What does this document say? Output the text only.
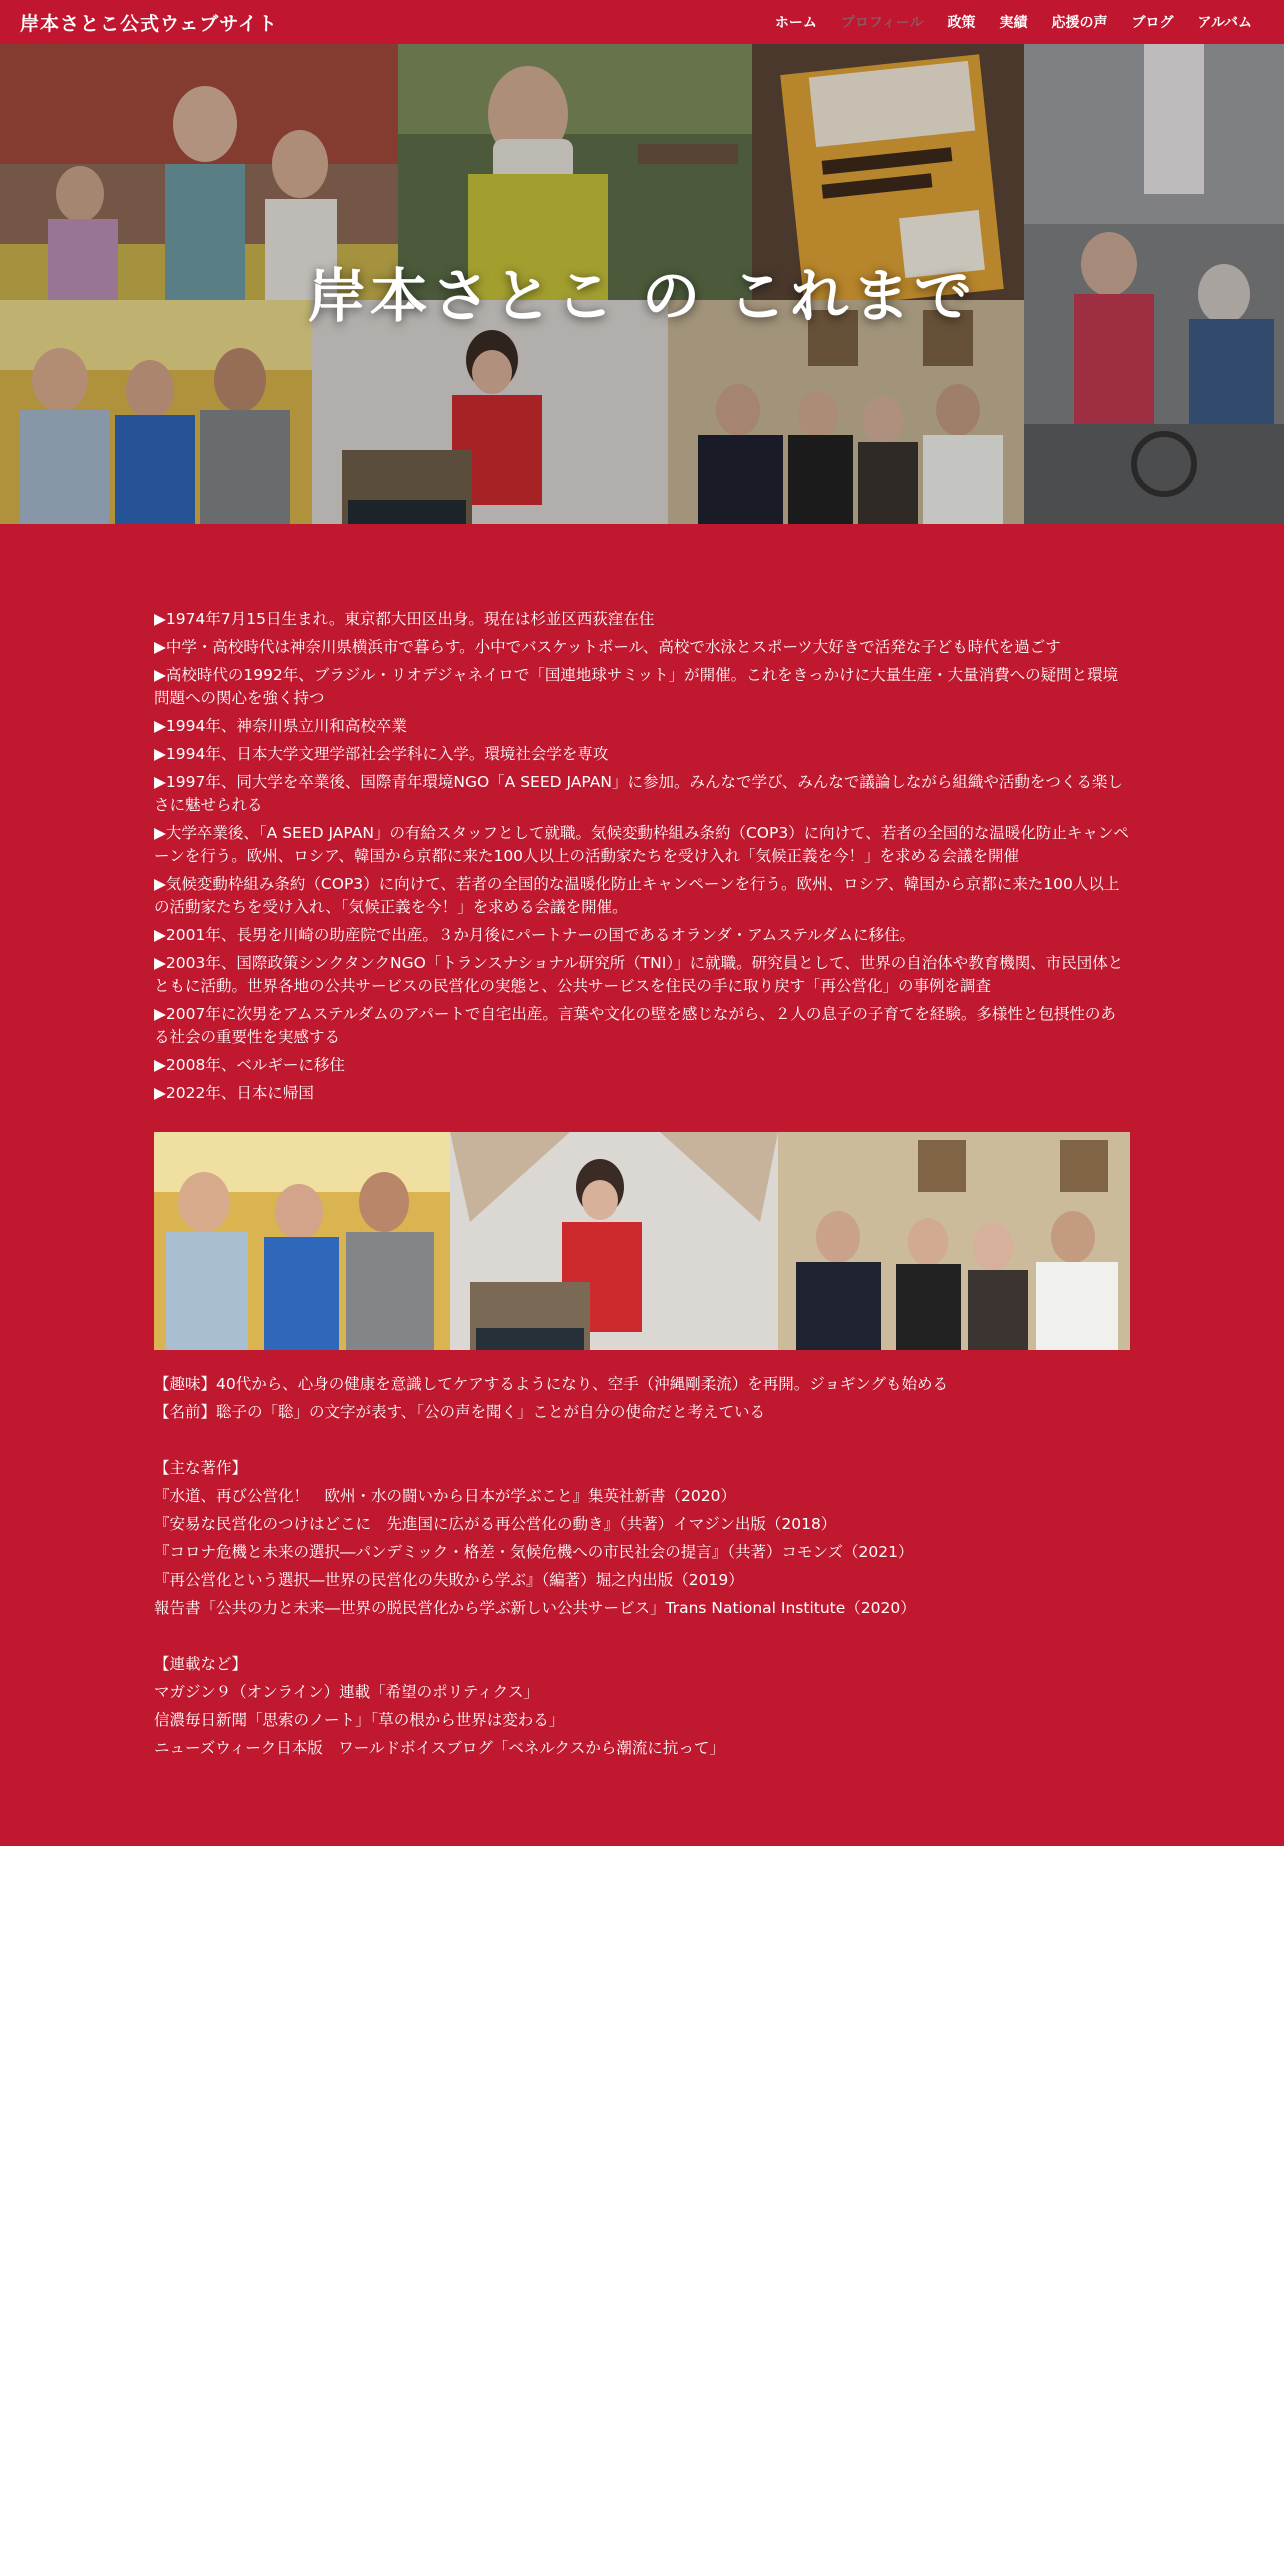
岸本さとこ公式ウェブサイト	ホーム	プロフィール	政策	実績	応援の声	ブログ	アルバム
岸本さとこ の これまで

▶1974年7月15日生まれ。東京都大田区出身。現在は杉並区西荻窪在住

▶中学・高校時代は神奈川県横浜市で暮らす。小中でバスケットボール、高校で水泳とスポーツ大好きで活発な子ども時代を過ごす

▶高校時代の1992年、ブラジル・リオデジャネイロで「国連地球サミット」が開催。これをきっかけに大量生産・大量消費への疑問と環境問題への関心を強く持つ

▶1994年、神奈川県立川和高校卒業

▶1994年、日本大学文理学部社会学科に入学。環境社会学を専攻

▶1997年、同大学を卒業後、国際青年環境NGO「A SEED JAPAN」に参加。みんなで学び、みんなで議論しながら組織や活動をつくる楽しさに魅せられる

▶大学卒業後、「A SEED JAPAN」の有給スタッフとして就職。気候変動枠組み条約（COP3）に向けて、若者の全国的な温暖化防止キャンペーンを行う。欧州、ロシア、韓国から京都に来た100人以上の活動家たちを受け入れ「気候正義を今！」を求める会議を開催

▶気候変動枠組み条約（COP3）に向けて、若者の全国的な温暖化防止キャンペーンを行う。欧州、ロシア、韓国から京都に来た100人以上の活動家たちを受け入れ、「気候正義を今！」を求める会議を開催。

▶2001年、長男を川崎の助産院で出産。３か月後にパートナーの国であるオランダ・アムステルダムに移住。

▶2003年、国際政策シンクタンクNGO「トランスナショナル研究所（TNI）」に就職。研究員として、世界の自治体や教育機関、市民団体とともに活動。世界各地の公共サービスの民営化の実態と、公共サービスを住民の手に取り戻す「再公営化」の事例を調査

▶2007年に次男をアムステルダムのアパートで自宅出産。言葉や文化の壁を感じながら、２人の息子の子育てを経験。多様性と包摂性のある社会の重要性を実感する

▶2008年、ベルギーに移住

▶2022年、日本に帰国

【趣味】40代から、心身の健康を意識してケアするようになり、空手（沖縄剛柔流）を再開。ジョギングも始める
【名前】聡子の「聡」の文字が表す、「公の声を聞く」ことが自分の使命だと考えている
【主な著作】
『水道、再び公営化！　欧州・水の闘いから日本が学ぶこと』集英社新書（2020）
『安易な民営化のつけはどこに　先進国に広がる再公営化の動き』（共著）イマジン出版（2018）
『コロナ危機と未来の選択―パンデミック・格差・気候危機への市民社会の提言』（共著）コモンズ（2021）
『再公営化という選択―世界の民営化の失敗から学ぶ』（編著）堀之内出版（2019）
報告書「公共の力と未来―世界の脱民営化から学ぶ新しい公共サービス」Trans National Institute（2020）
【連載など】
マガジン９（オンライン）連載「希望のポリティクス」
信濃毎日新聞「思索のノート」「草の根から世界は変わる」
ニューズウィーク日本版　ワールドボイスブログ「ベネルクスから潮流に抗って」
